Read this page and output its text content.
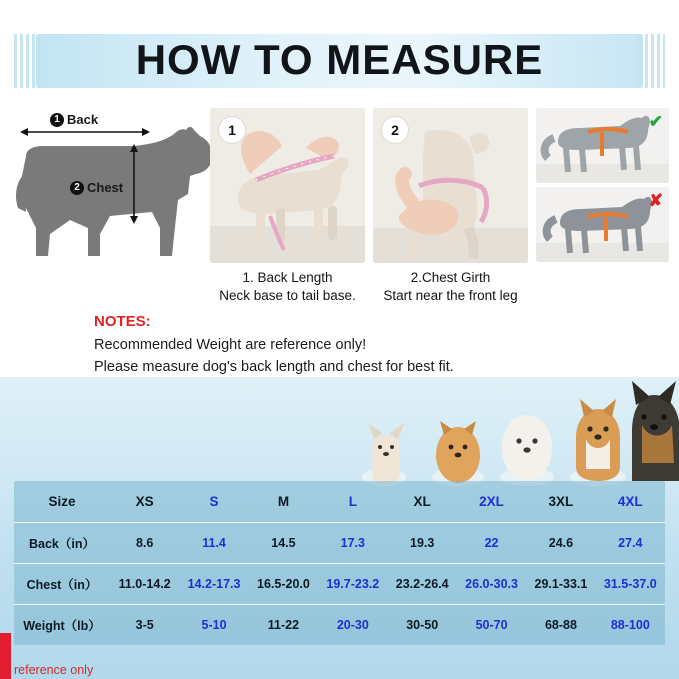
HOW TO MEASURE
1 Back
2 Chest
1
1. Back Length
Neck base to tail base.
2
2.Chest Girth
Start near the front leg
✔
✘
NOTES:
Recommended Weight are reference only!
Please measure dog's back length and chest for best fit.
Size	XS	S	M	L	XL	2XL	3XL	4XL
Back（in）	8.6	11.4	14.5	17.3	19.3	22	24.6	27.4
Chest（in）	11.0-14.2	14.2-17.3	16.5-20.0	19.7-23.2	23.2-26.4	26.0-30.3	29.1-33.1	31.5-37.0
Weight（lb）	3-5	5-10	11-22	20-30	30-50	50-70	68-88	88-100
reference only
